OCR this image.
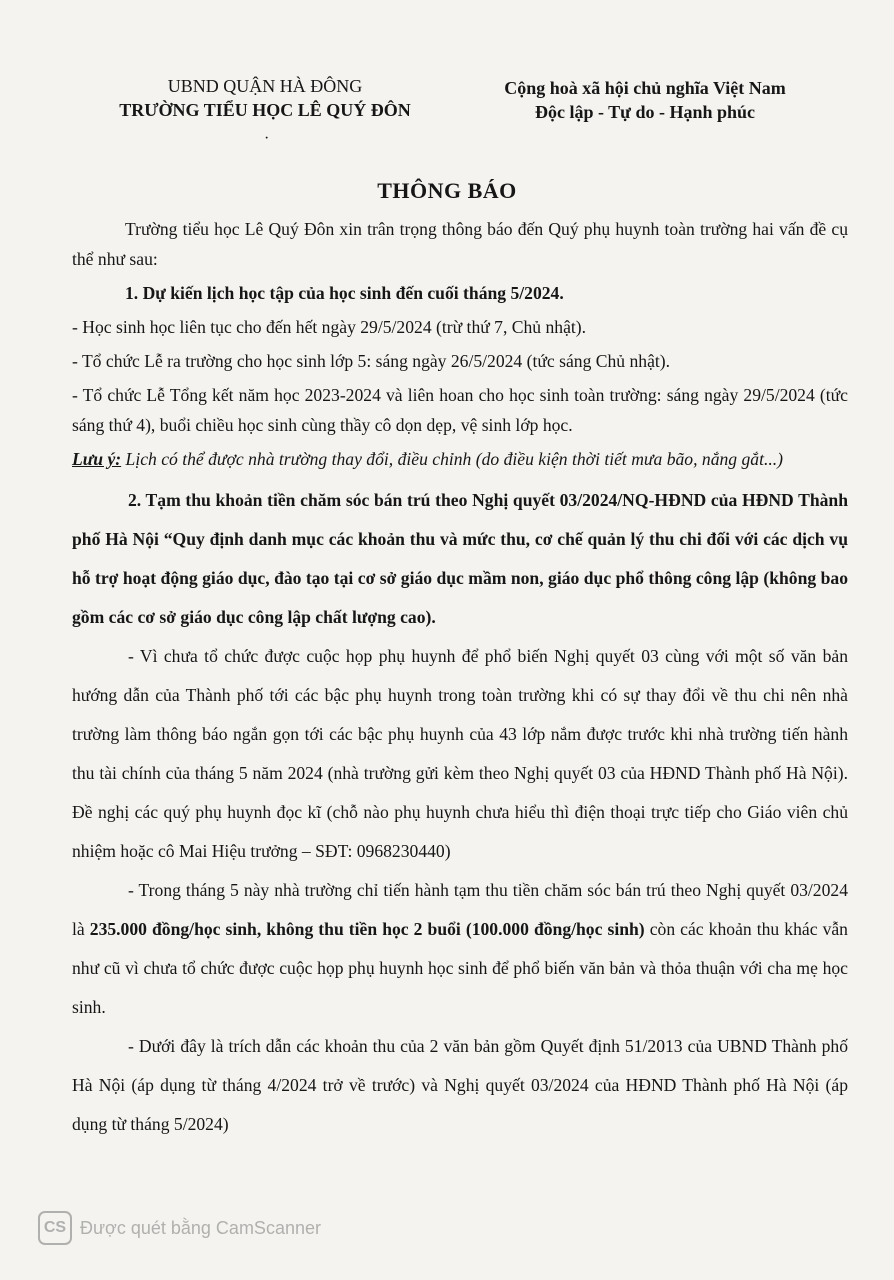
UBND QUẬN HÀ ĐÔNG
TRƯỜNG TIỂU HỌC LÊ QUÝ ĐÔN
Cộng hoà xã hội chủ nghĩa Việt Nam
Độc lập - Tự do - Hạnh phúc
·
THÔNG BÁO

Trường tiểu học Lê Quý Đôn xin trân trọng thông báo đến Quý phụ huynh toàn trường hai vấn đề cụ thể như sau:

1. Dự kiến lịch học tập của học sinh đến cuối tháng 5/2024.

- Học sinh học liên tục cho đến hết ngày 29/5/2024 (trừ thứ 7, Chủ nhật).

- Tổ chức Lễ ra trường cho học sinh lớp 5: sáng ngày 26/5/2024 (tức sáng Chủ nhật).

- Tổ chức Lễ Tổng kết năm học 2023-2024 và liên hoan cho học sinh toàn trường: sáng ngày 29/5/2024 (tức sáng thứ 4), buổi chiều học sinh cùng thầy cô dọn dẹp, vệ sinh lớp học.

Lưu ý: Lịch có thể được nhà trường thay đổi, điều chỉnh (do điều kiện thời tiết mưa bão, nắng gắt...)

2. Tạm thu khoản tiền chăm sóc bán trú theo Nghị quyết 03/2024/NQ-HĐND của HĐND Thành phố Hà Nội “Quy định danh mục các khoản thu và mức thu, cơ chế quản lý thu chi đối với các dịch vụ hỗ trợ hoạt động giáo dục, đào tạo tại cơ sở giáo dục mầm non, giáo dục phổ thông công lập (không bao gồm các cơ sở giáo dục công lập chất lượng cao).

- Vì chưa tổ chức được cuộc họp phụ huynh để phổ biến Nghị quyết 03 cùng với một số văn bản hướng dẫn của Thành phố tới các bậc phụ huynh trong toàn trường khi có sự thay đổi về thu chi nên nhà trường làm thông báo ngắn gọn tới các bậc phụ huynh của 43 lớp nắm được trước khi nhà trường tiến hành thu tài chính của tháng 5 năm 2024 (nhà trường gửi kèm theo Nghị quyết 03 của HĐND Thành phố Hà Nội). Đề nghị các quý phụ huynh đọc kĩ (chỗ nào phụ huynh chưa hiểu thì điện thoại trực tiếp cho Giáo viên chủ nhiệm hoặc cô Mai Hiệu trưởng – SĐT: 0968230440)

- Trong tháng 5 này nhà trường chỉ tiến hành tạm thu tiền chăm sóc bán trú theo Nghị quyết 03/2024 là 235.000 đồng/học sinh, không thu tiền học 2 buổi (100.000 đồng/học sinh) còn các khoản thu khác vẫn như cũ vì chưa tổ chức được cuộc họp phụ huynh học sinh để phổ biến văn bản và thỏa thuận với cha mẹ học sinh.

- Dưới đây là trích dẫn các khoản thu của 2 văn bản gồm Quyết định 51/2013 của UBND Thành phố Hà Nội (áp dụng từ tháng 4/2024 trở về trước) và Nghị quyết 03/2024 của HĐND Thành phố Hà Nội (áp dụng từ tháng 5/2024)

CS Được quét bằng CamScanner
